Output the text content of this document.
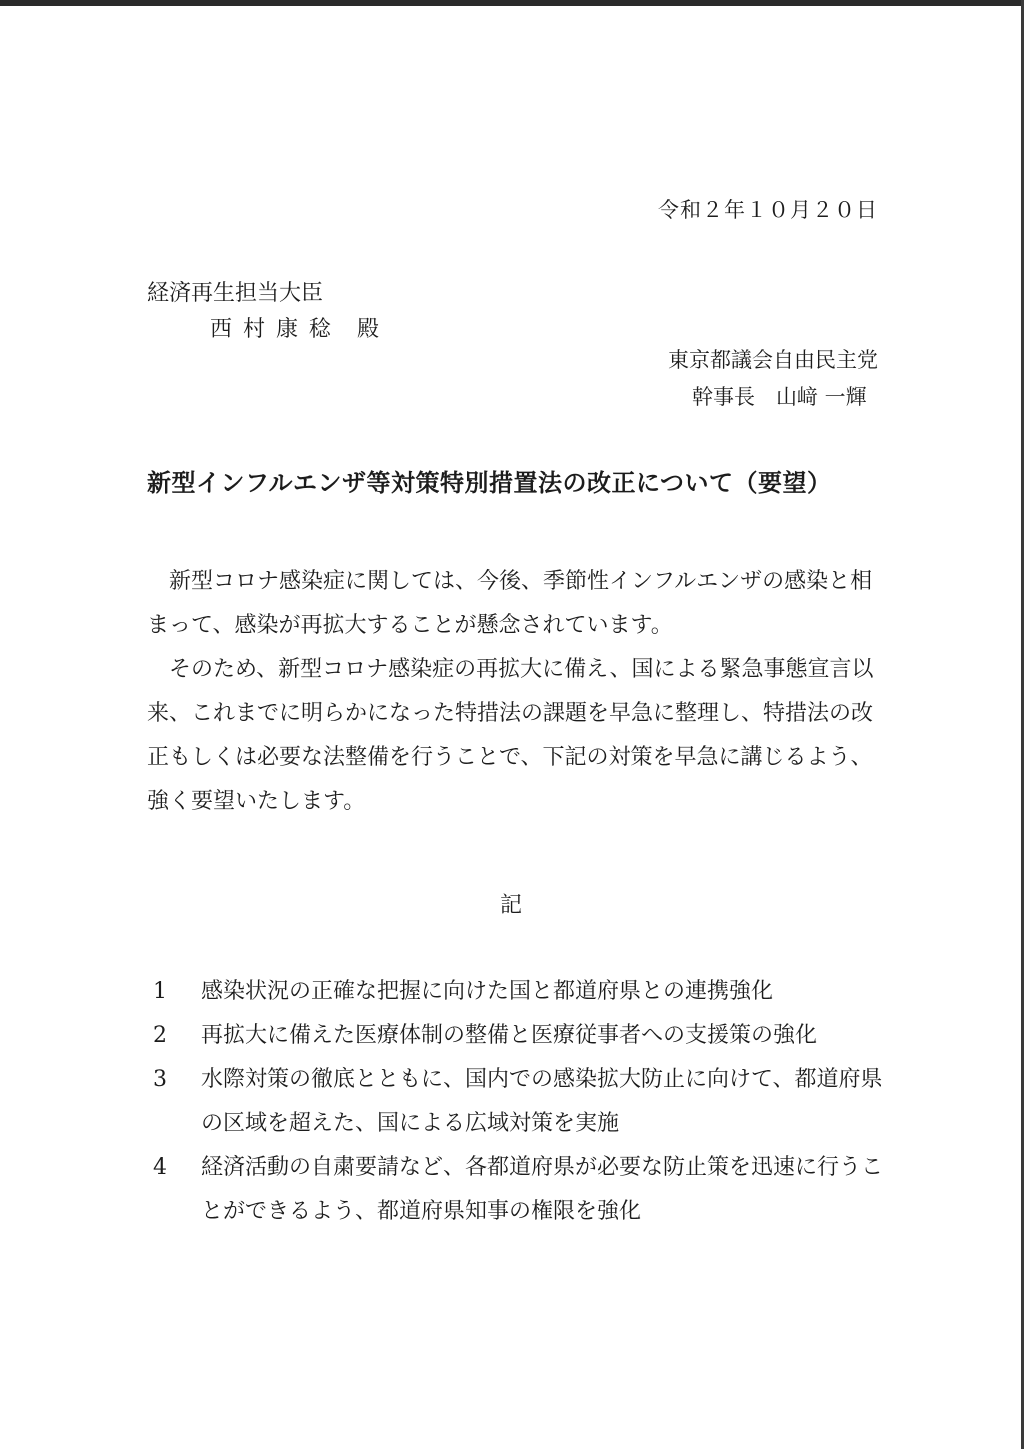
令和２年１０月２０日
経済再生担当大臣
西 村 康 稔　殿
東京都議会自由民主党
幹事長　山﨑 一輝
新型インフルエンザ等対策特別措置法の改正について（要望）

新型コロナ感染症に関しては、今後、季節性インフルエンザの感染と相まって、感染が再拡大することが懸念されています。

そのため、新型コロナ感染症の再拡大に備え、国による緊急事態宣言以来、これまでに明らかになった特措法の課題を早急に整理し、特措法の改正もしくは必要な法整備を行うことで、下記の対策を早急に講じるよう、強く要望いたします。

記
1	感染状況の正確な把握に向けた国と都道府県との連携強化
2	再拡大に備えた医療体制の整備と医療従事者への支援策の強化
3	水際対策の徹底とともに、国内での感染拡大防止に向けて、都道府県の区域を超えた、国による広域対策を実施
4	経済活動の自粛要請など、各都道府県が必要な防止策を迅速に行うことができるよう、都道府県知事の権限を強化
